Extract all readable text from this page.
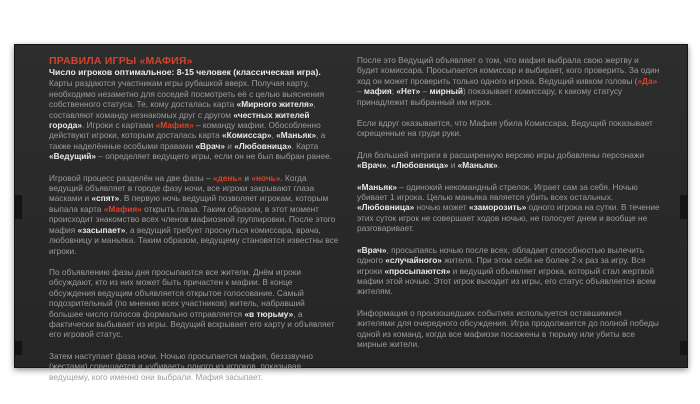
ПРАВИЛА ИГРЫ «МАФИЯ»
Число игроков оптимальное: 8-15 человек (классическая игра).

Карты раздаются участникам игры рубашкой вверх. Получая карту, необходимо незаметно для соседей посмотреть её с целью выяснения собственного статуса. Те, кому досталась карта «Мирного жителя», составляют команду незнакомых друг с другом «честных жителей города». Игроки с картами «Мафия» – команду мафии. Обособленно действуют игроки, которым досталась карта «Комиссар», «Маньяк», а также наделённые особыми правами «Врач» и «Любовница». Карта «Ведущий» – определяет ведущего игры, если он не был выбран ранее.

Игровой процесс разделён на две фазы – «день» и «ночь». Когда ведущий объявляет в городе фазу ночи, все игроки закрывают глаза масками и «спят». В первую ночь ведущий позволяет игрокам, которым выпала карта «Мафия» открыть глаза. Таким образом, в этот момент происходит знакомство всех членов мафиозной группировки. После этого мафия «засыпает», а ведущий требует проснуться комиссара, врача, любовницу и маньяка. Таким образом, ведущему становятся известны все игроки.

По объявлению фазы дня просыпаются все жители. Днём игроки обсуждают, кто из них может быть причастен к мафии. В конце обсуждения ведущим объявляется открытое голосование. Самый подозрительный (по мнению всех участников) житель, набравший большее число голосов формально отправляется «в тюрьму», а фактически выбывает из игры. Ведущий вскрывает его карту и объявляет его игровой статус.

Затем наступает фаза ночи. Ночью просыпается мафия, безззвучно (жестами) совещается и «убивает» одного из игроков, показывая ведущему, кого именно они выбрали. Мафия засыпает.

После это Ведущий объявляет о том, что мафия выбрала свою жертву и будит комиссара. Просыпается комиссар и выбирает, кого проверить. За один ход он может проверить только одного игрока. Ведущий кивком головы («Да» – мафия; «Нет» – мирный) показывает комиссару, к какому статусу принадлежит выбранный им игрок.

Если вдруг оказывается, что Мафия убила Комиссара, Ведущий показывает скрещенные на груди руки.

Для большей интриги в расширенную версию игры добавлены персонажи «Врач», «Любовница» и «Маньяк».

«Маньяк» – одинокий некомандный стрелок. Играет сам за себя. Ночью убивает 1 игрока. Целью маньяка является убить всех остальных. «Любовница» ночью может «заморозить» одного игрока на сутки. В течение этих суток игрок не совершает ходов ночью, не голосует днем и вообще не разговаривает.

«Врач», просыпаясь ночью после всех, обладает способностью вылечить одного «случайного» жителя. При этом себя не более 2-х раз за игру. Все игроки «просыпаются» и ведущий объявляет игрока, который стал жертвой мафии этой ночью. Этот игрок выходит из игры, его статус объявляется всем жителям.

Информация о произошедших событиях используется оставшимися жителями для очередного обсуждения. Игра продолжается до полной победы одной из команд, когда все мафиози посажены в тюрьму или убиты все мирные жители.
